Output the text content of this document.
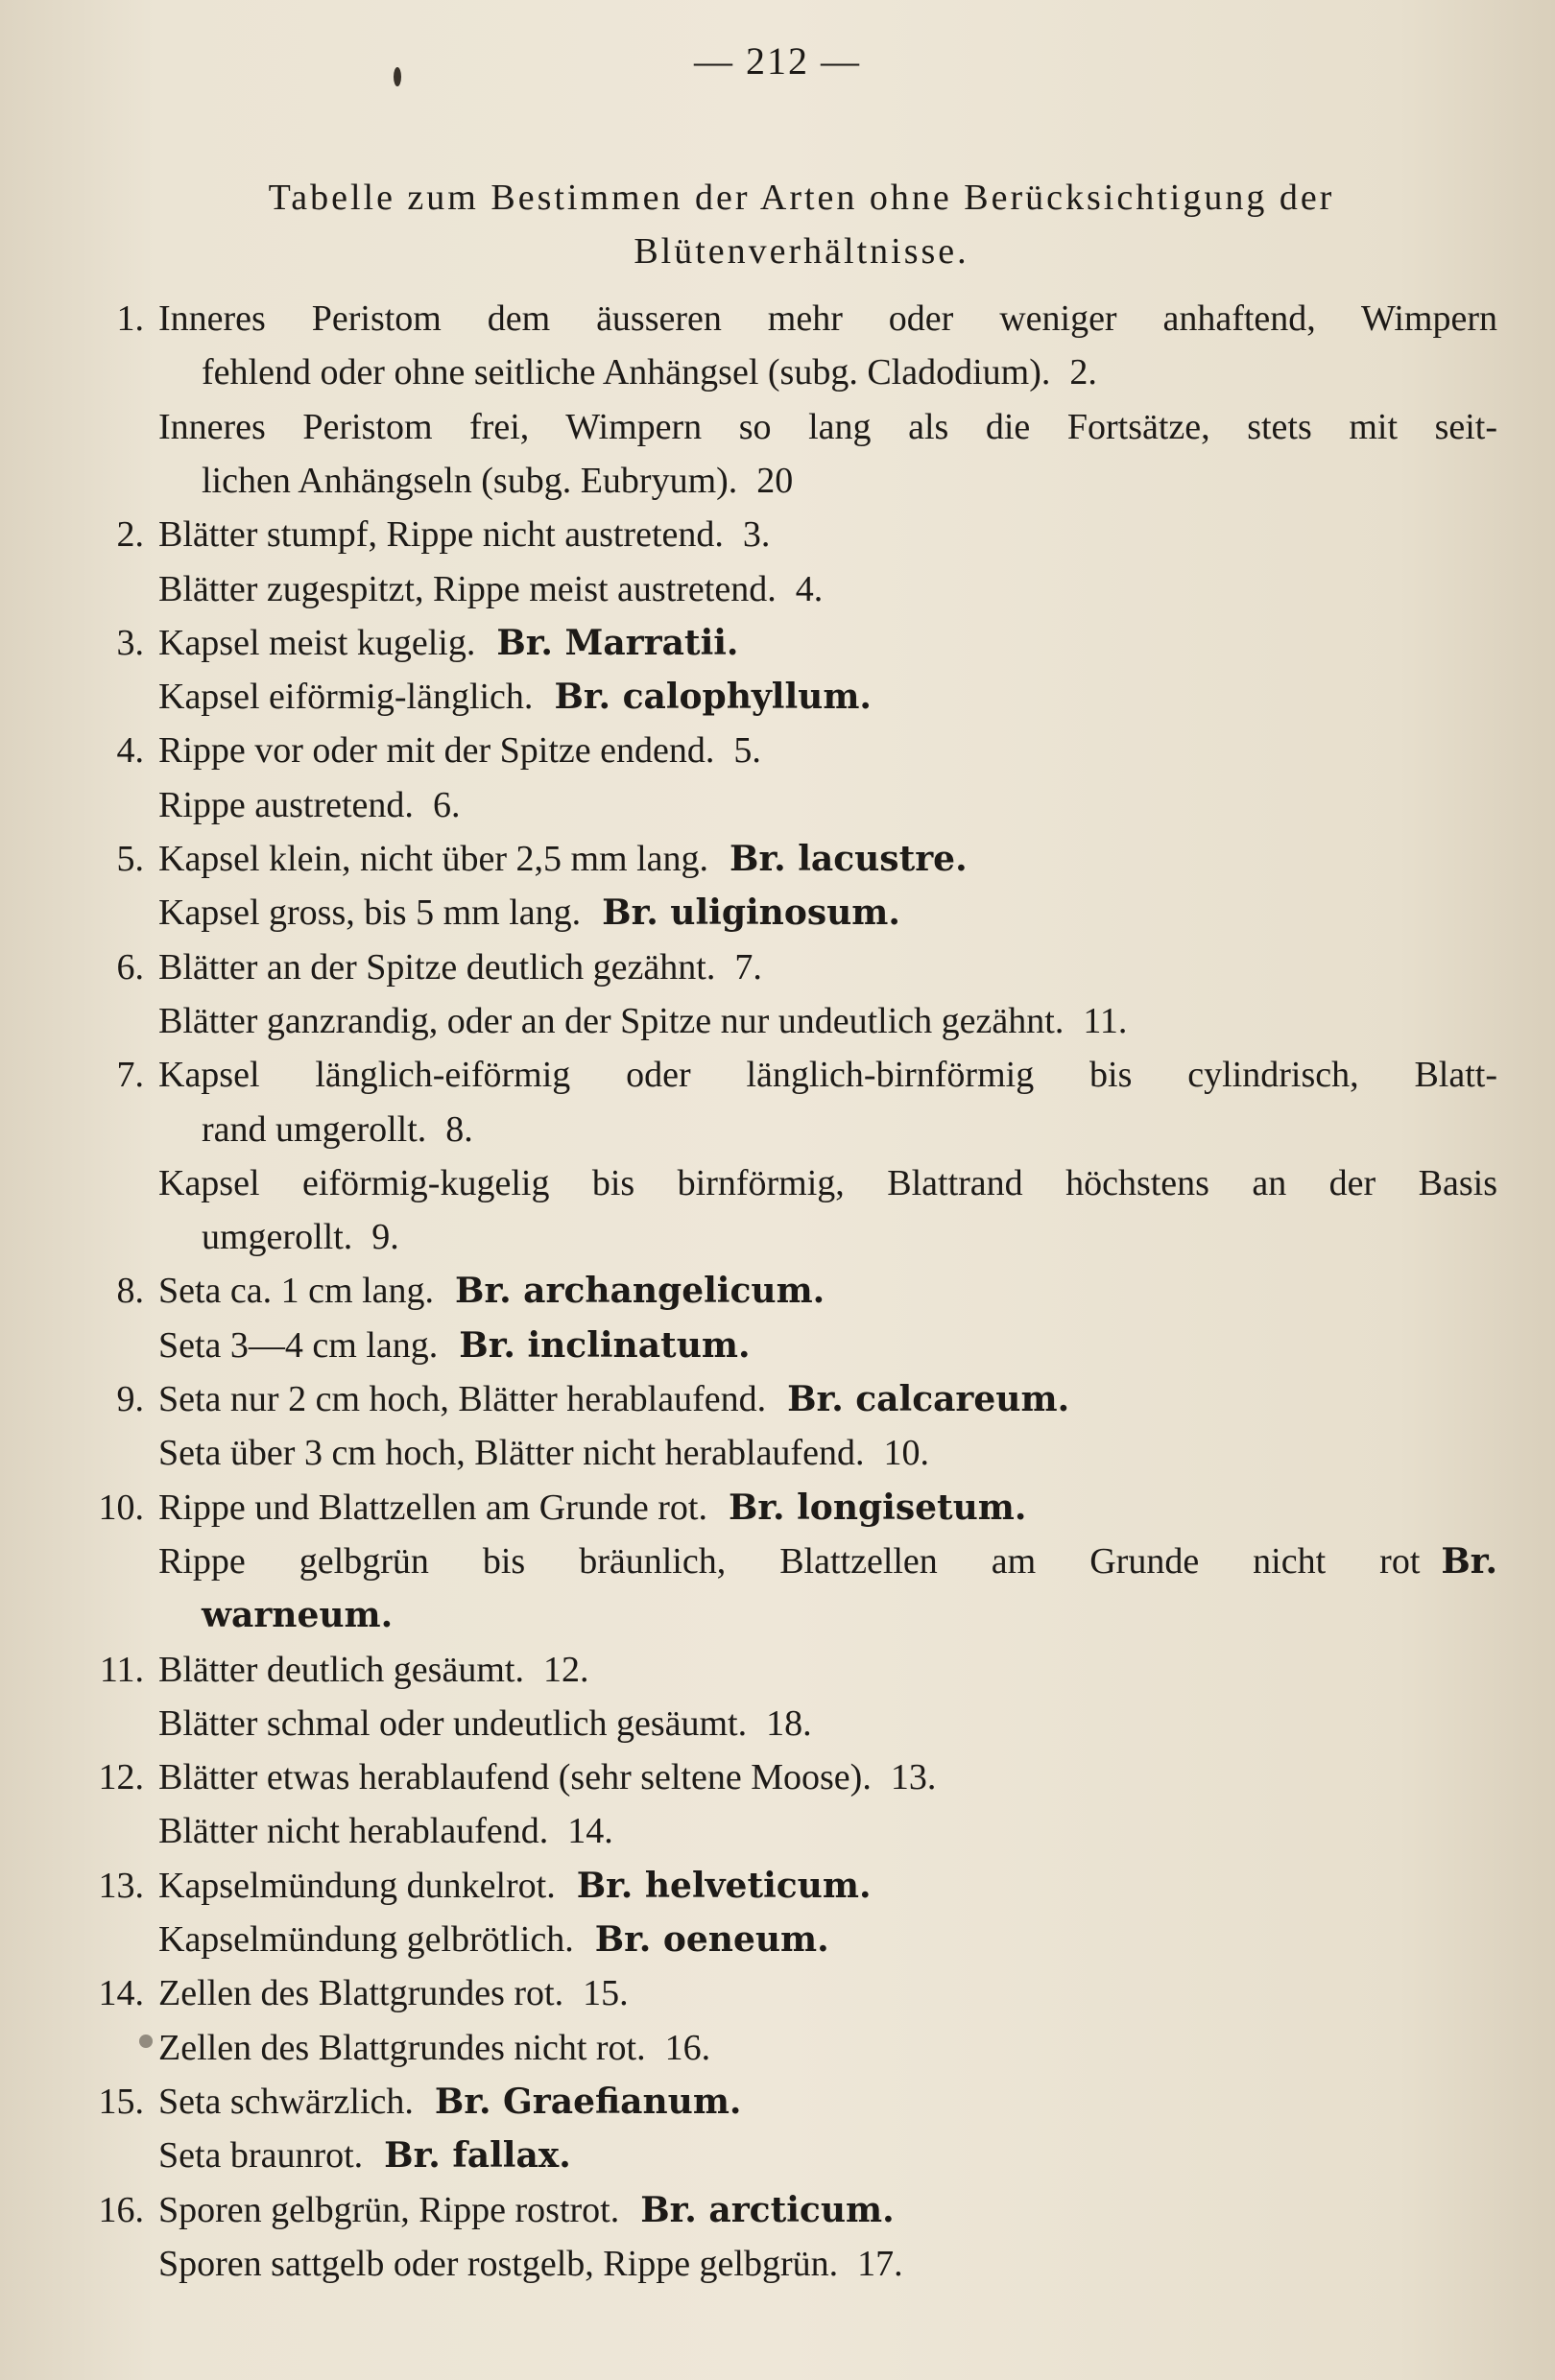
— 212 —
Tabelle zum Bestimmen der Arten ohne Berücksichtigung der
Blütenverhältnisse.
1. Inneres Peristom dem äusseren mehr oder weniger anhaftend, Wimpern
fehlend oder ohne seitliche Anhängsel (subg. Cladodium). 2.
Inneres Peristom frei, Wimpern so lang als die Fortsätze, stets mit seit-
lichen Anhängseln (subg. Eubryum). 20
2. Blätter stumpf, Rippe nicht austretend. 3.
Blätter zugespitzt, Rippe meist austretend. 4.
3. Kapsel meist kugelig. Br. Marratii.
Kapsel eiförmig-länglich. Br. calophyllum.
4. Rippe vor oder mit der Spitze endend. 5.
Rippe austretend. 6.
5. Kapsel klein, nicht über 2,5 mm lang. Br. lacustre.
Kapsel gross, bis 5 mm lang. Br. uliginosum.
6. Blätter an der Spitze deutlich gezähnt. 7.
Blätter ganzrandig, oder an der Spitze nur undeutlich gezähnt. 11.
7. Kapsel länglich-eiförmig oder länglich-birnförmig bis cylindrisch, Blatt-
rand umgerollt. 8.
Kapsel eiförmig-kugelig bis birnförmig, Blattrand höchstens an der Basis
umgerollt. 9.
8. Seta ca. 1 cm lang. Br. archangelicum.
Seta 3—4 cm lang. Br. inclinatum.
9. Seta nur 2 cm hoch, Blätter herablaufend. Br. calcareum.
Seta über 3 cm hoch, Blätter nicht herablaufend. 10.
10. Rippe und Blattzellen am Grunde rot. Br. longisetum.
Rippe gelbgrün bis bräunlich, Blattzellen am Grunde nicht rot Br.
warneum.
11. Blätter deutlich gesäumt. 12.
Blätter schmal oder undeutlich gesäumt. 18.
12. Blätter etwas herablaufend (sehr seltene Moose). 13.
Blätter nicht herablaufend. 14.
13. Kapselmündung dunkelrot. Br. helveticum.
Kapselmündung gelbrötlich. Br. oeneum.
14. Zellen des Blattgrundes rot. 15.
Zellen des Blattgrundes nicht rot. 16.
15. Seta schwärzlich. Br. Graefianum.
Seta braunrot. Br. fallax.
16. Sporen gelbgrün, Rippe rostrot. Br. arcticum.
Sporen sattgelb oder rostgelb, Rippe gelbgrün. 17.
